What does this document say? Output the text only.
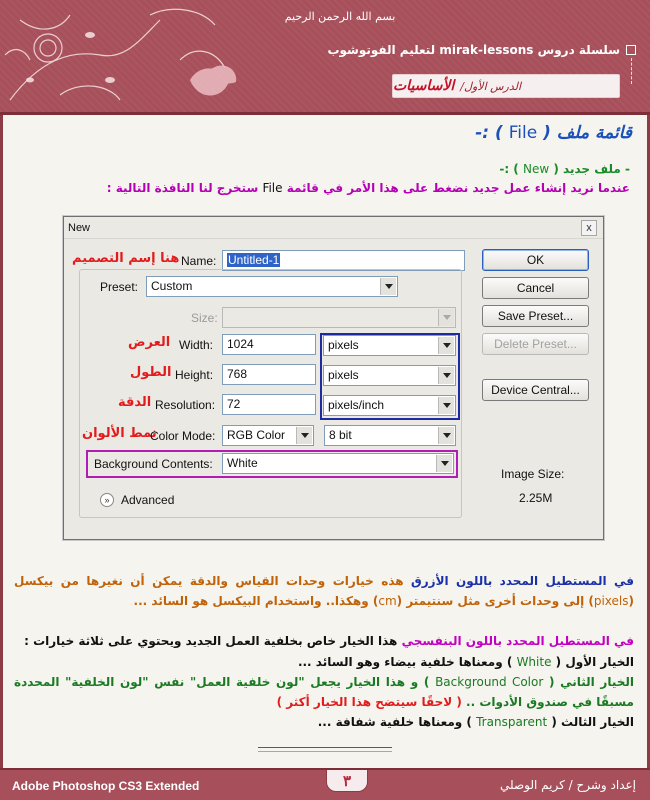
بسم الله الرحمن الرحيم
سلسلة دروس mirak-lessons لتعليم الفوتوشوب
الدرس الأول/
الأساسيات
قائمة ملف ( File ) :-
- ملف جديد ( New ) :-
عندما نريد إنشاء عمل جديد نضغط على هذا الأمر في قائمة File ستخرج لنا النافذة التالية :
New	x
هنا إسم التصميم Name: Untitled-1
Preset:	Custom
Size:
العرض Width:	1024	pixels
الطول Height:	768	pixels
الدقة Resolution: 72	pixels/inch
نمط الألوان
Color Mode: RGB Color	8 bit
Background Contents:	White
» Advanced
OK
Cancel
Save Preset...
Delete Preset...
Device Central...
Image Size:
2.25M
في المستطيل المحدد باللون الأزرق هذه خيارات وحدات القياس والدقة يمكن أن نغيرها من بيكسل (pixels) إلى وحدات أخرى مثل سنتيمتر (cm) وهكذا.. واستخدام البيكسل هو السائد ...
في المستطيل المحدد باللون البنفسجي هذا الخيار خاص بخلفية العمل الجديد ويحتوي على ثلاثة خيارات :
الخيار الأول ( White ) ومعناها خلفية بيضاء وهو السائد ...
الخيار الثاني ( Background Color ) و هذا الخيار يجعل "لون خلفية العمل" نفس "لون الخلفية" المحددة مسبقًا في صندوق الأدوات .. ( لاحقًا سيتضح هذا الخيار أكثر )
الخيار الثالث ( Transparent ) ومعناها خلفية شفافة ...
Adobe Photoshop CS3 Extended	٣	إعداد وشرح / كريم الوصلي
